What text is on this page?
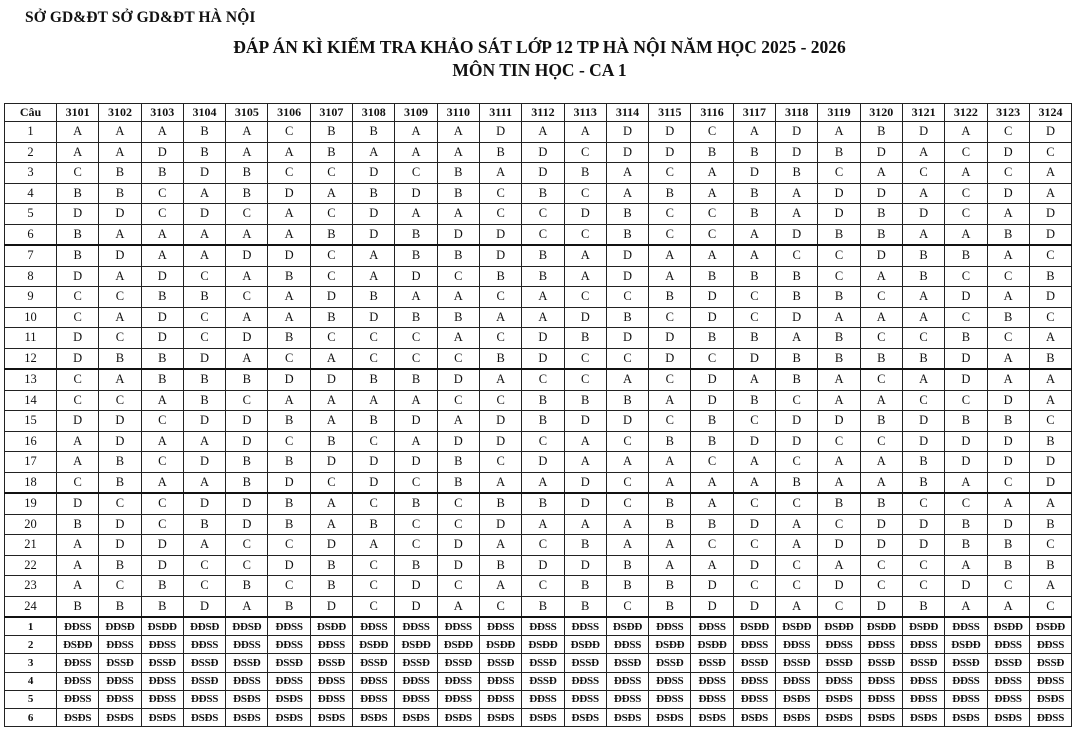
SỞ GD&ĐT SỞ GD&ĐT HÀ NỘI
ĐÁP ÁN KÌ KIỂM TRA KHẢO SÁT LỚP 12 TP HÀ NỘI NĂM HỌC 2025 - 2026
MÔN TIN HỌC - CA 1
Câu	3101	3102	3103	3104	3105	3106	3107	3108	3109	3110	3111	3112	3113	3114	3115	3116	3117	3118	3119	3120	3121	3122	3123	3124
1	A	A	A	B	A	C	B	B	A	A	D	A	A	D	D	C	A	D	A	B	D	A	C	D
2	A	A	D	B	A	A	B	A	A	A	B	D	C	D	D	B	B	D	B	D	A	C	D	C
3	C	B	B	D	B	C	C	D	C	B	A	D	B	A	C	A	D	B	C	A	C	A	C	A
4	B	B	C	A	B	D	A	B	D	B	C	B	C	A	B	A	B	A	D	D	A	C	D	A
5	D	D	C	D	C	A	C	D	A	A	C	C	D	B	C	C	B	A	D	B	D	C	A	D
6	B	A	A	A	A	A	B	D	B	D	D	C	C	B	C	C	A	D	B	B	A	A	B	D
7	B	D	A	A	D	D	C	A	B	B	D	B	A	D	A	A	A	C	C	D	B	B	A	C
8	D	A	D	C	A	B	C	A	D	C	B	B	A	D	A	B	B	B	C	A	B	C	C	B
9	C	C	B	B	C	A	D	B	A	A	C	A	C	C	B	D	C	B	B	C	A	D	A	D
10	C	A	D	C	A	A	B	D	B	B	A	A	D	B	C	D	C	D	A	A	A	C	B	C
11	D	C	D	C	D	B	C	C	C	A	C	D	B	D	D	B	B	A	B	C	C	B	C	A
12	D	B	B	D	A	C	A	C	C	C	B	D	C	C	D	C	D	B	B	B	B	D	A	B
13	C	A	B	B	B	D	D	B	B	D	A	C	C	A	C	D	A	B	A	C	A	D	A	A
14	C	C	A	B	C	A	A	A	A	C	C	B	B	B	A	D	B	C	A	A	C	C	D	A
15	D	D	C	D	D	B	A	B	D	A	D	B	D	D	C	B	C	D	D	B	D	B	B	C
16	A	D	A	A	D	C	B	C	A	D	D	C	A	C	B	B	D	D	C	C	D	D	D	B
17	A	B	C	D	B	B	D	D	D	B	C	D	A	A	A	C	A	C	A	A	B	D	D	D
18	C	B	A	A	B	D	C	D	C	B	A	A	D	C	A	A	A	B	A	A	B	A	C	D
19	D	C	C	D	D	B	A	C	B	C	B	B	D	C	B	A	C	C	B	B	C	C	A	A
20	B	D	C	B	D	B	A	B	C	C	D	A	A	A	B	B	D	A	C	D	D	B	D	B
21	A	D	D	A	C	C	D	A	C	D	A	C	B	A	A	C	C	A	D	D	D	B	B	C
22	A	B	D	C	C	D	B	C	B	D	B	D	D	B	A	A	D	C	A	C	C	A	B	B
23	A	C	B	C	B	C	B	C	D	C	A	C	B	B	B	D	C	C	D	C	C	D	C	A
24	B	B	B	D	A	B	D	C	D	A	C	B	B	C	B	D	D	A	C	D	B	A	A	C
1	ĐĐSS	ĐĐSĐ	ĐSĐĐ	ĐĐSĐ	ĐĐSĐ	ĐĐSS	ĐSĐĐ	ĐĐSS	ĐĐSS	ĐĐSS	ĐĐSS	ĐĐSS	ĐĐSS	ĐSĐĐ	ĐĐSS	ĐĐSS	ĐSĐĐ	ĐSĐĐ	ĐSĐĐ	ĐSĐĐ	ĐSĐĐ	ĐĐSS	ĐSĐĐ	ĐSĐĐ
2	ĐSĐĐ	ĐĐSS	ĐĐSS	ĐĐSS	ĐĐSS	ĐĐSS	ĐĐSS	ĐSĐĐ	ĐSĐĐ	ĐSĐĐ	ĐSĐĐ	ĐSĐĐ	ĐSĐĐ	ĐĐSS	ĐSĐĐ	ĐSĐĐ	ĐĐSS	ĐĐSS	ĐĐSS	ĐĐSS	ĐĐSS	ĐSĐĐ	ĐĐSS	ĐĐSS
3	ĐĐSS	ĐSSĐ	ĐSSĐ	ĐSSĐ	ĐSSĐ	ĐSSĐ	ĐSSĐ	ĐSSĐ	ĐSSĐ	ĐSSĐ	ĐSSĐ	ĐSSĐ	ĐSSĐ	ĐSSĐ	ĐSSĐ	ĐSSĐ	ĐSSĐ	ĐSSĐ	ĐSSĐ	ĐSSĐ	ĐSSĐ	ĐSSĐ	ĐSSĐ	ĐSSĐ
4	ĐĐSS	ĐĐSS	ĐĐSS	ĐSSĐ	ĐĐSS	ĐĐSS	ĐĐSS	ĐĐSS	ĐĐSS	ĐĐSS	ĐĐSS	ĐSSĐ	ĐĐSS	ĐĐSS	ĐĐSS	ĐĐSS	ĐĐSS	ĐĐSS	ĐĐSS	ĐĐSS	ĐĐSS	ĐĐSS	ĐĐSS	ĐĐSS
5	ĐĐSS	ĐĐSS	ĐĐSS	ĐĐSS	ĐSĐS	ĐSĐS	ĐĐSS	ĐĐSS	ĐĐSS	ĐĐSS	ĐĐSS	ĐĐSS	ĐĐSS	ĐĐSS	ĐĐSS	ĐĐSS	ĐĐSS	ĐSĐS	ĐSĐS	ĐĐSS	ĐĐSS	ĐĐSS	ĐĐSS	ĐSĐS
6	ĐSĐS	ĐSĐS	ĐSĐS	ĐSĐS	ĐSĐS	ĐSĐS	ĐSĐS	ĐSĐS	ĐSĐS	ĐSĐS	ĐSĐS	ĐSĐS	ĐSĐS	ĐSĐS	ĐSĐS	ĐSĐS	ĐSĐS	ĐSĐS	ĐSĐS	ĐSĐS	ĐSĐS	ĐSĐS	ĐSĐS	ĐĐSS
